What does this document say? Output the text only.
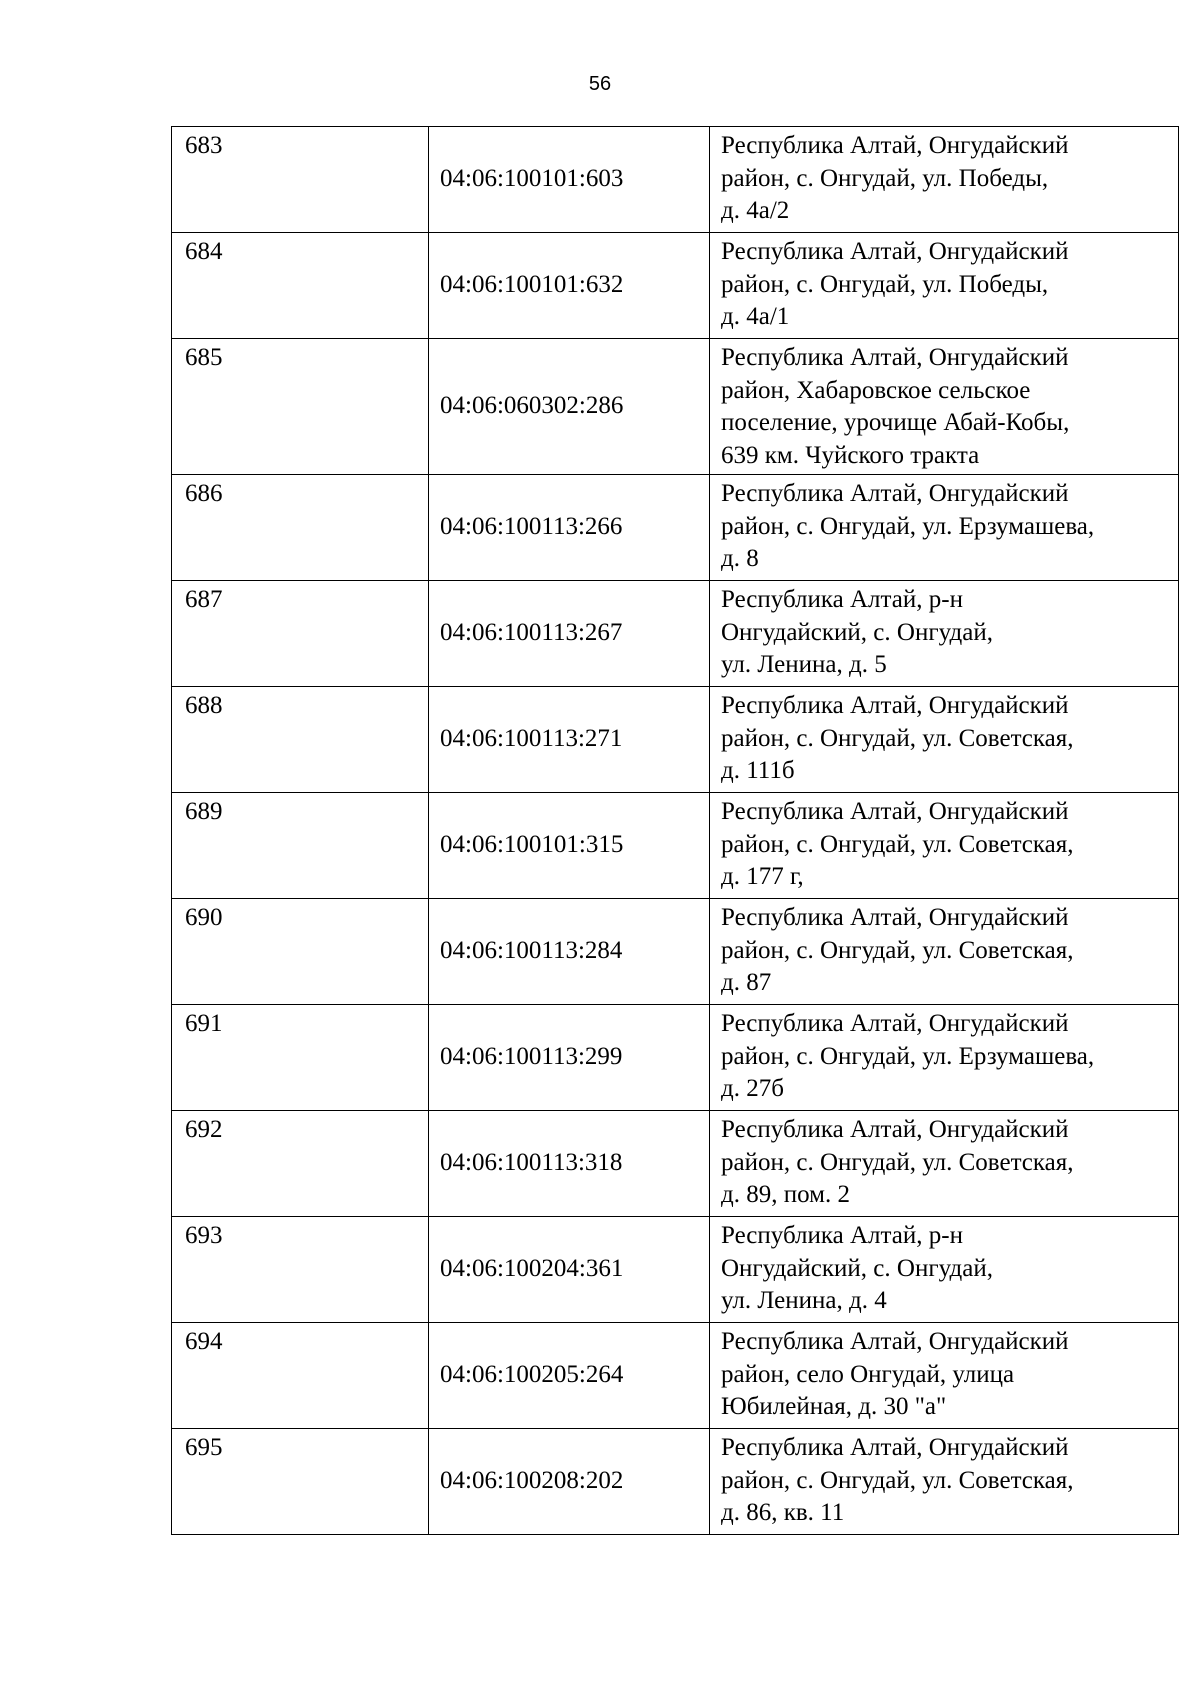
56
683	04:06:100101:603	Республика Алтай, Онгудайский
район, с. Онгудай, ул. Победы,
д. 4а/2
684	04:06:100101:632	Республика Алтай, Онгудайский
район, с. Онгудай, ул. Победы,
д. 4а/1
685	04:06:060302:286	Республика Алтай, Онгудайский
район, Хабаровское сельское
поселение, урочище Абай-Кобы,
639 км. Чуйского тракта
686	04:06:100113:266	Республика Алтай, Онгудайский
район, с. Онгудай, ул. Ерзумашева,
д. 8
687	04:06:100113:267	Республика Алтай, р-н
Онгудайский, с. Онгудай,
ул. Ленина, д. 5
688	04:06:100113:271	Республика Алтай, Онгудайский
район, с. Онгудай, ул. Советская,
д. 111б
689	04:06:100101:315	Республика Алтай, Онгудайский
район, с. Онгудай, ул. Советская,
д. 177 г,
690	04:06:100113:284	Республика Алтай, Онгудайский
район, с. Онгудай, ул. Советская,
д. 87
691	04:06:100113:299	Республика Алтай, Онгудайский
район, с. Онгудай, ул. Ерзумашева,
д. 27б
692	04:06:100113:318	Республика Алтай, Онгудайский
район, с. Онгудай, ул. Советская,
д. 89, пом. 2
693	04:06:100204:361	Республика Алтай, р-н
Онгудайский, с. Онгудай,
ул. Ленина, д. 4
694	04:06:100205:264	Республика Алтай, Онгудайский
район, село Онгудай, улица
Юбилейная, д. 30 "а"
695	04:06:100208:202	Республика Алтай, Онгудайский
район, с. Онгудай, ул. Советская,
д. 86, кв. 11
